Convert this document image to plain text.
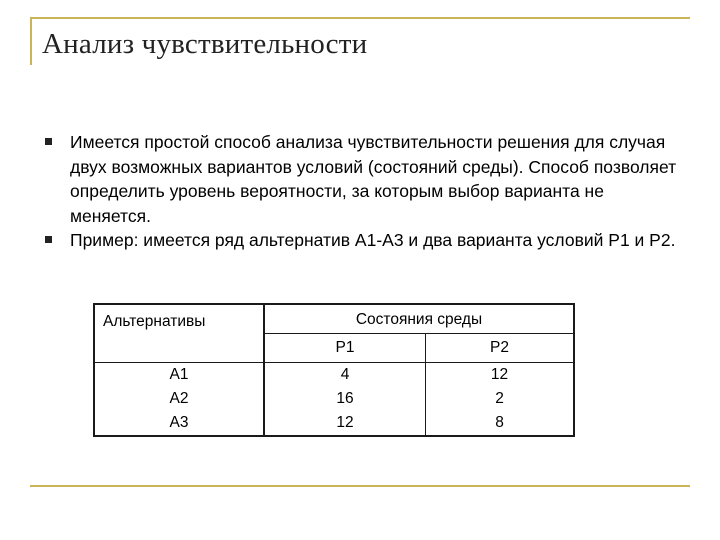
Анализ чувствительности
Имеется простой способ анализа чувствительности решения для случая двух возможных вариантов условий (состояний среды). Способ позволяет определить уровень вероятности, за которым выбор варианта не меняется.
Пример: имеется ряд альтернатив А1-А3 и два варианта условий Р1 и Р2.
Альтернативы	Состояния среды	
	Р1	Р2
А1	4	12
А2	16	2
А3	12	8
